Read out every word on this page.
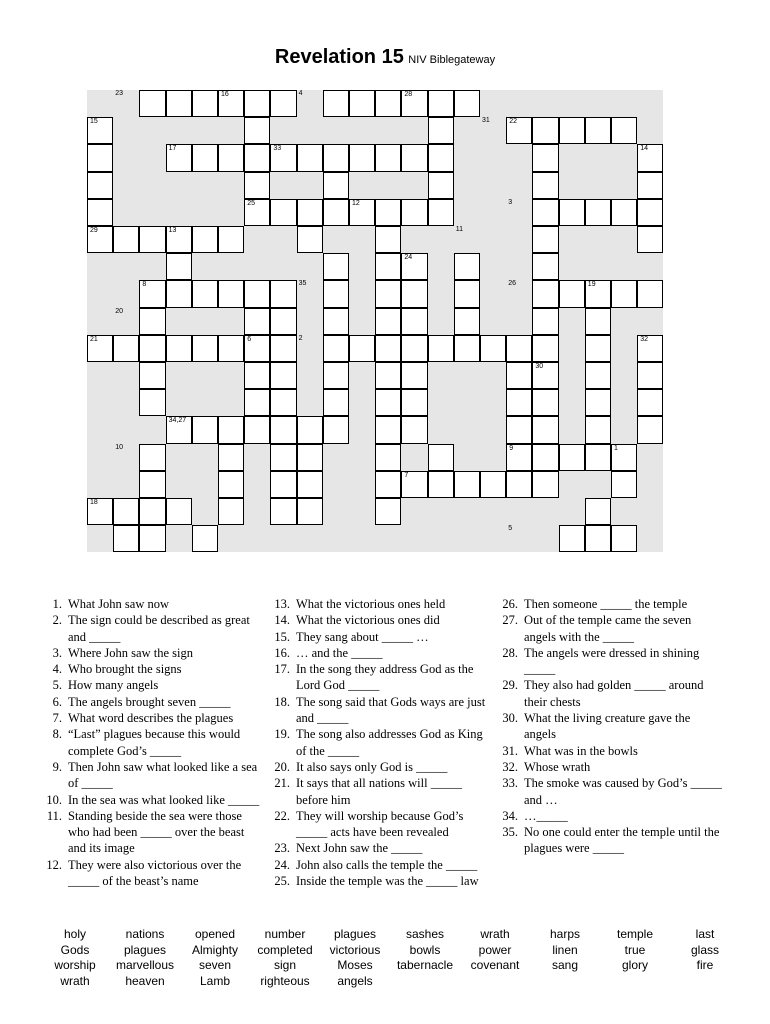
Revelation 15 NIV Biblegateway
23	16	4	28
15	31	22
17	33	14
25	12	3
29	13	11
24
8	35	26	19
20
21	6	2	32
30
34,27
10	9	1
7
18
5
1. What John saw now
2. The sign could be described as great and _____
3. Where John saw the sign
4. Who brought the signs
5. How many angels
6. The angels brought seven _____
7. What word describes the plagues
8. “Last” plagues because this would complete God’s _____
9. Then John saw what looked like a sea of _____
10. In the sea was what looked like _____
11. Standing beside the sea were those who had been _____ over the beast and its image
12. They were also victorious over the _____ of the beast’s name
13. What the victorious ones held
14. What the victorious ones did
15. They sang about _____ …
16. … and the _____
17. In the song they address God as the Lord God _____
18. The song said that Gods ways are just and _____
19. The song also addresses God as King of the _____
20. It also says only God is _____
21. It says that all nations will _____ before him
22. They will worship because God’s _____ acts have been revealed
23. Next John saw the _____
24. John also calls the temple the _____
25. Inside the temple was the _____ law
26. Then someone _____ the temple
27. Out of the temple came the seven angels with the _____
28. The angels were dressed in shining _____
29. They also had golden _____ around their chests
30. What the living creature gave the angels
31. What was in the bowls
32. Whose wrath
33. The smoke was caused by God’s _____ and …
34. …_____
35. No one could enter the temple until the plagues were _____
holy	nations	opened	number	plagues	sashes	wrath	harps	temple	last
Gods	plagues	Almighty	completed	victorious	bowls	power	linen	true	glass
worship	marvellous	seven	sign	Moses	tabernacle	covenant	sang	glory	fire
wrath	heaven	Lamb	righteous	angels
